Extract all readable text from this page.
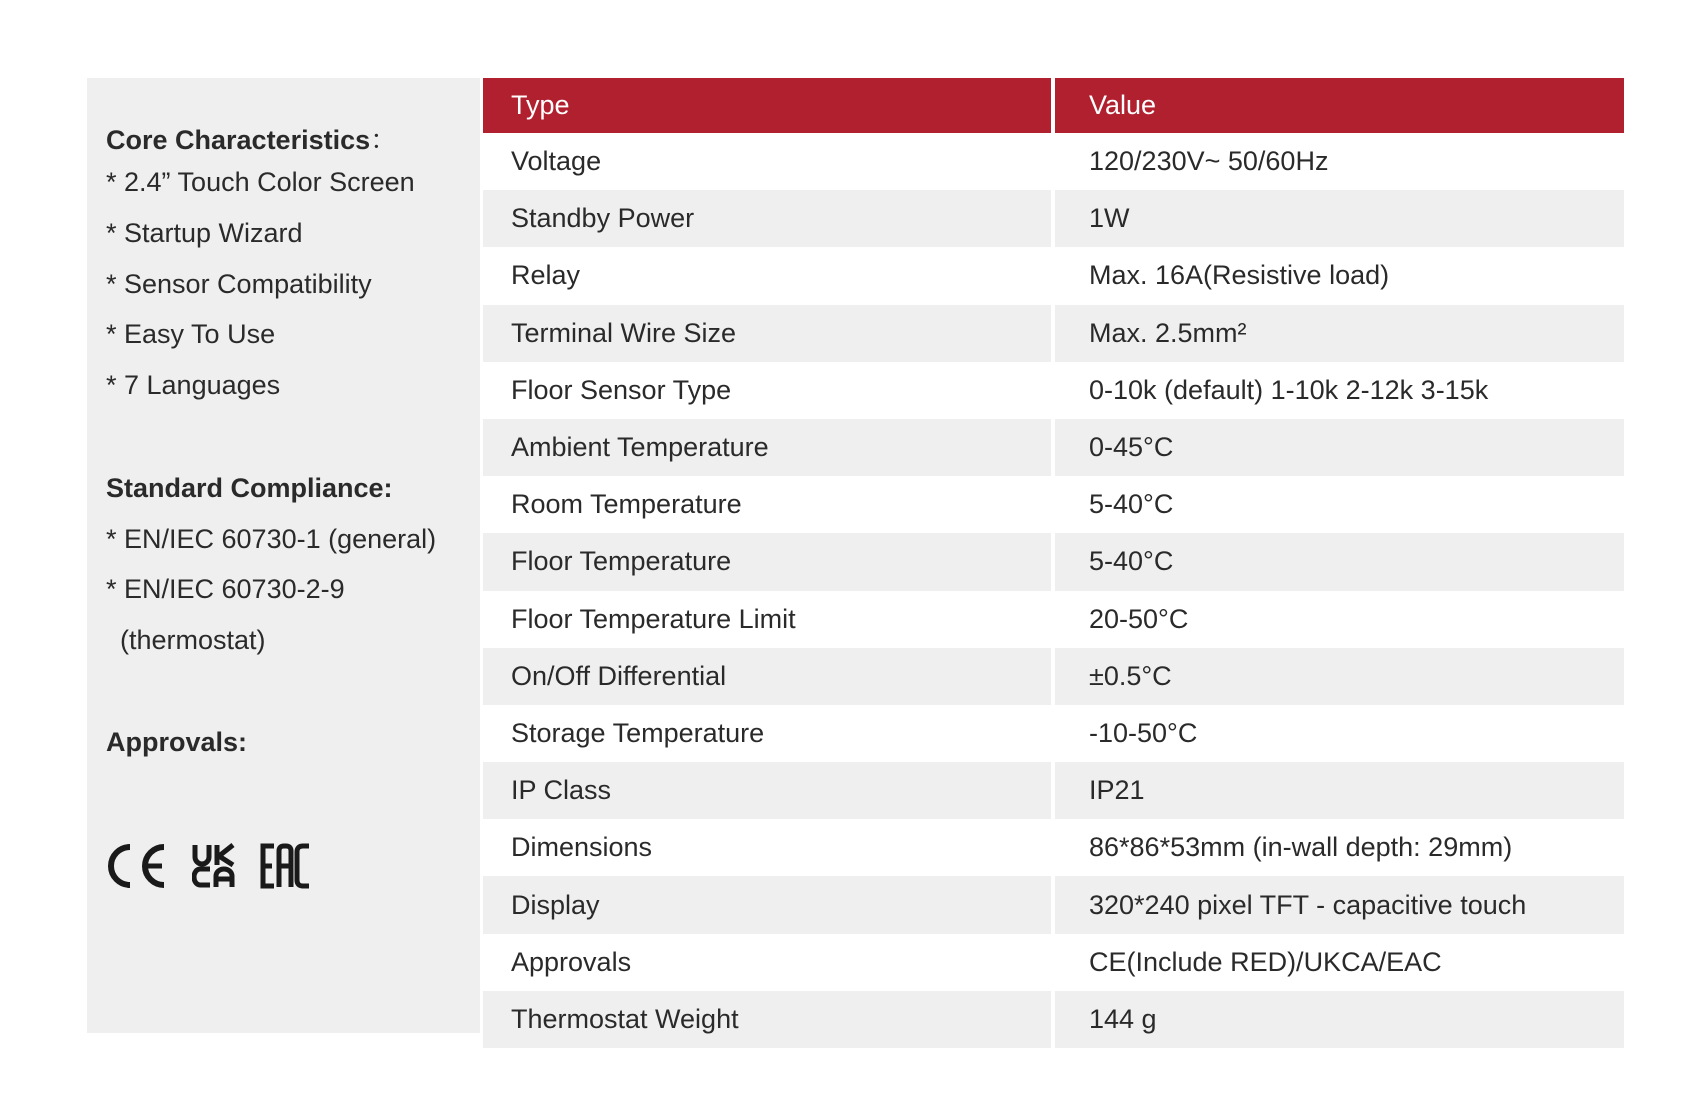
Core Characteristics：
* 2.4” Touch Color Screen
* Startup Wizard
* Sensor Compatibility
* Easy To Use
* 7 Languages
Standard Compliance:
* EN/IEC 60730-1 (general)
* EN/IEC 60730-2-9
(thermostat)
Approvals:
Type	Value
Voltage	120/230V~ 50/60Hz
Standby Power	1W
Relay	Max. 16A(Resistive load)
Terminal Wire Size	Max. 2.5mm²
Floor Sensor Type	0-10k (default) 1-10k 2-12k 3-15k
Ambient Temperature	0-45°C
Room Temperature	5-40°C
Floor Temperature	5-40°C
Floor Temperature Limit	20-50°C
On/Off Differential	±0.5°C
Storage Temperature	-10-50°C
IP Class	IP21
Dimensions	86*86*53mm (in-wall depth: 29mm)
Display	320*240 pixel TFT - capacitive touch
Approvals	CE(Include RED)/UKCA/EAC
Thermostat Weight	144 g
